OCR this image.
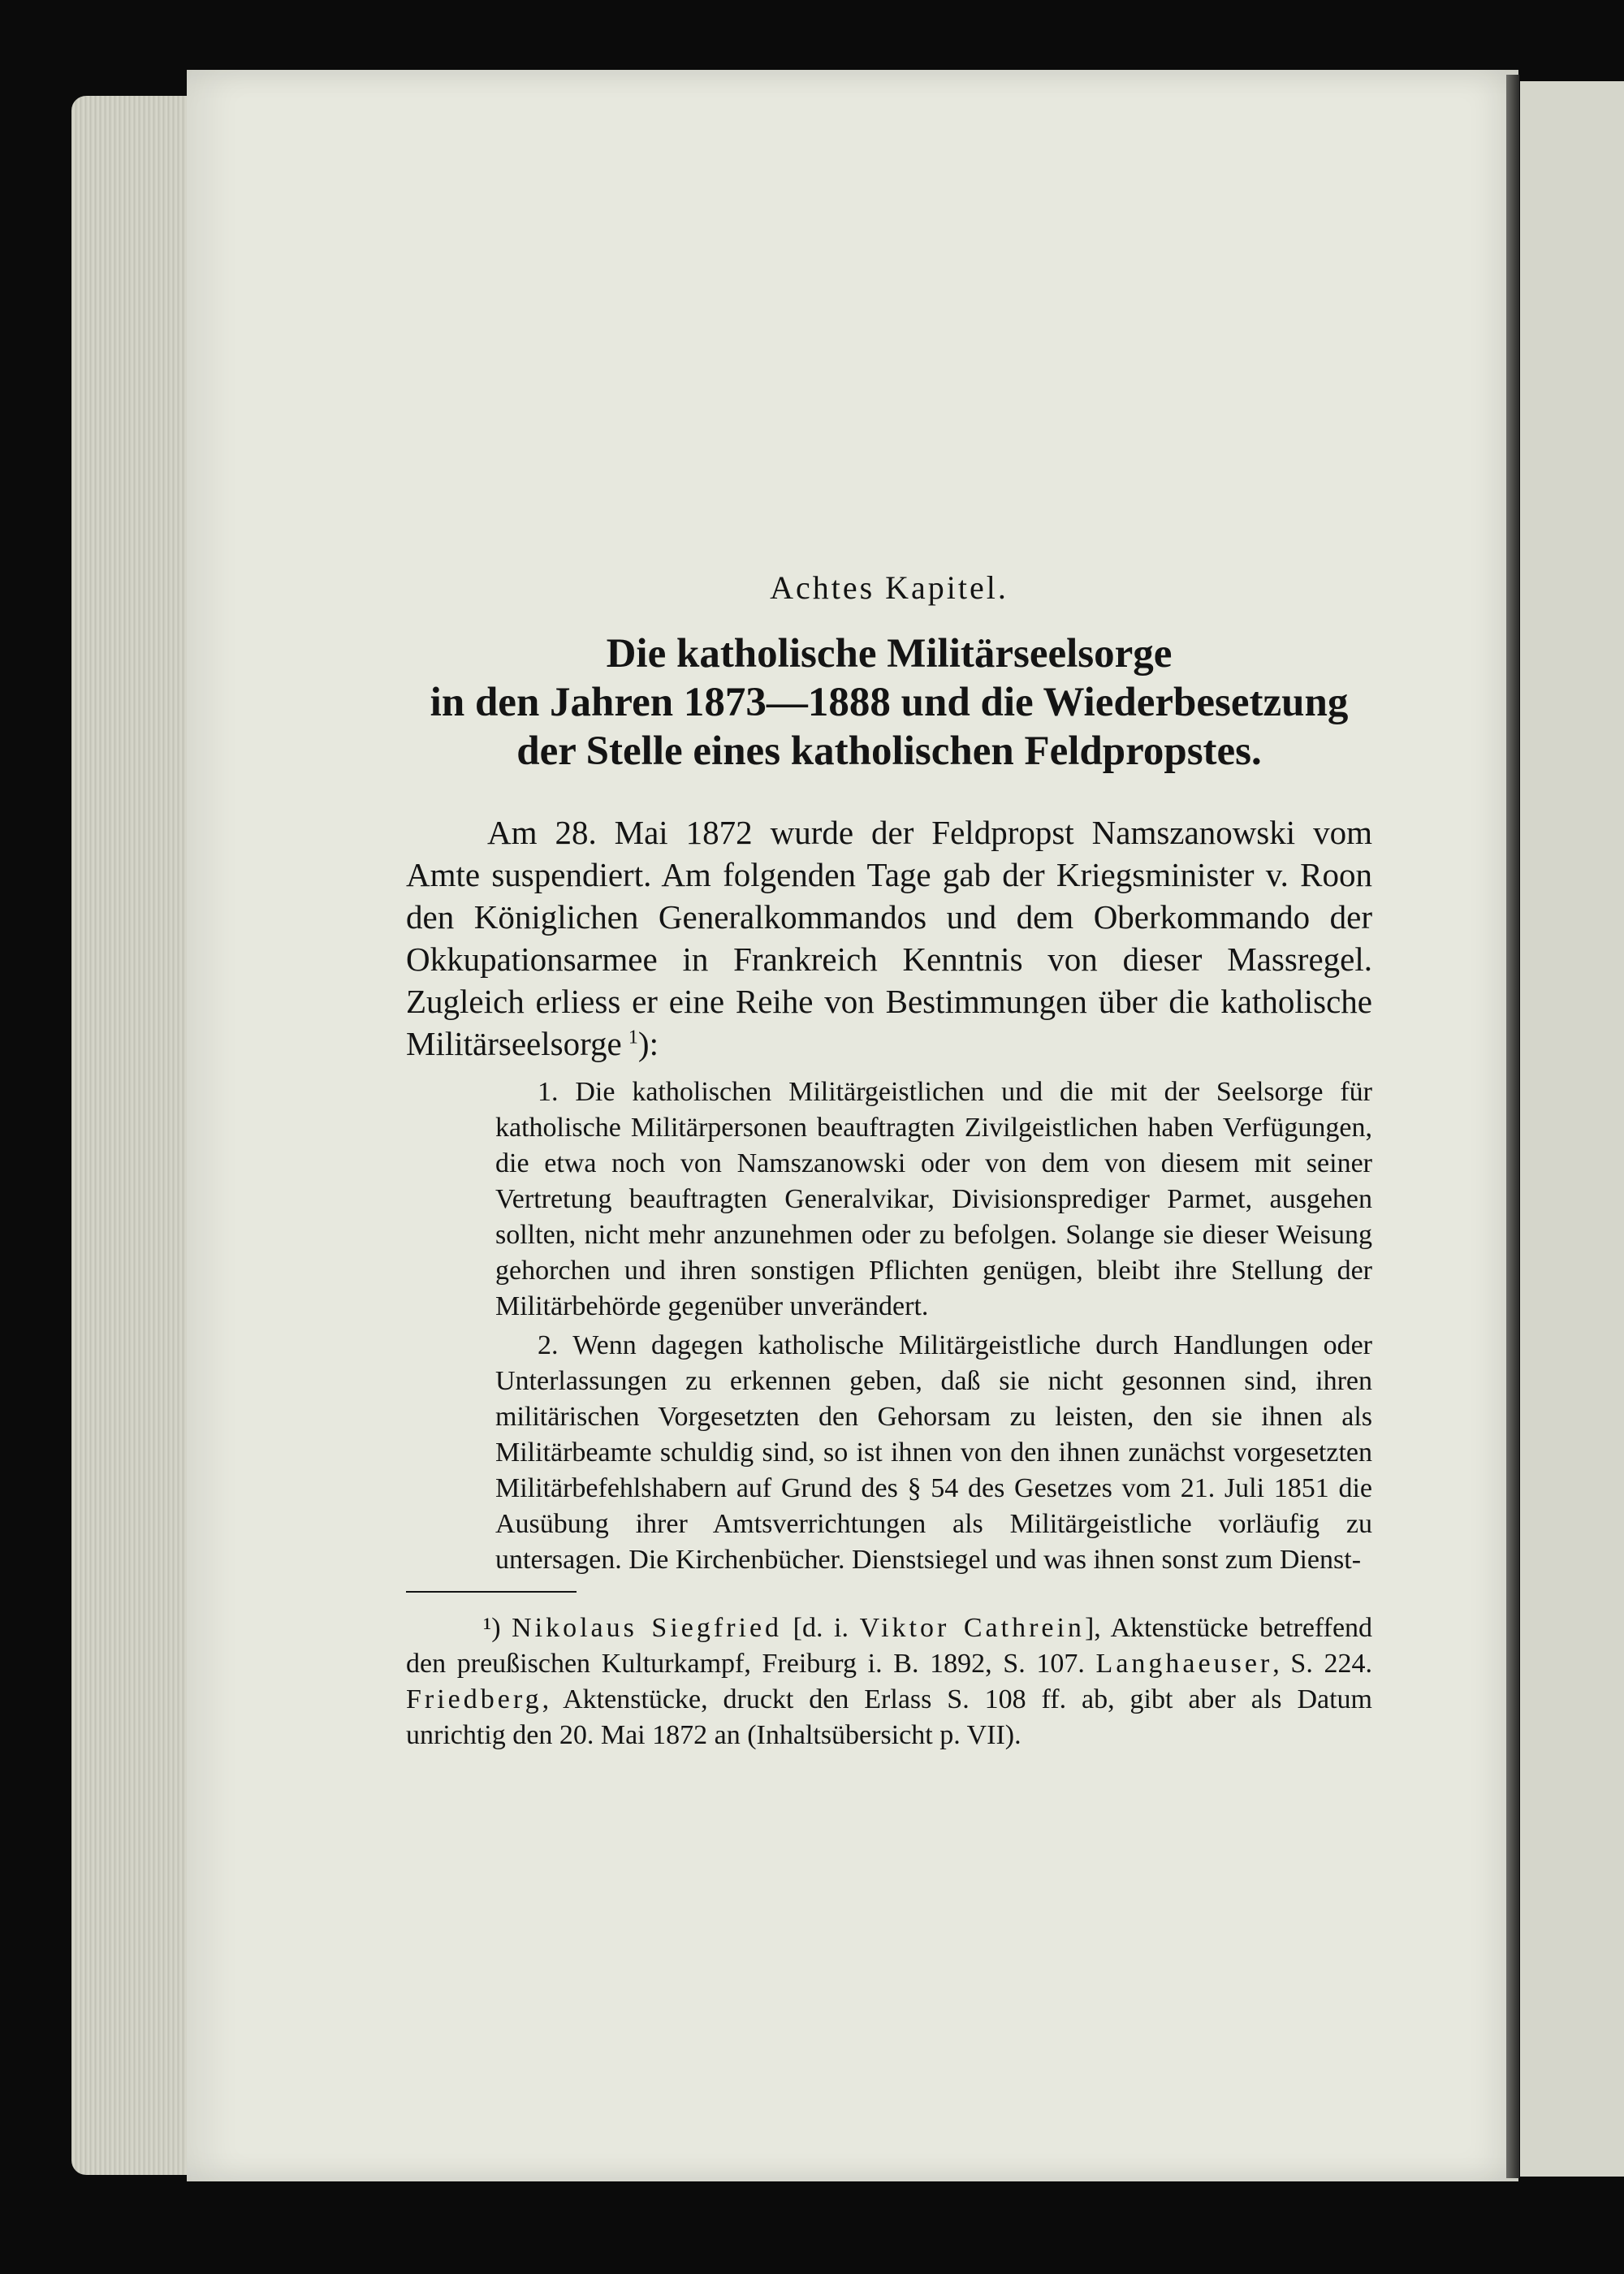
Achtes Kapitel.
Die katholische Militärseelsorge
in den Jahren 1873—1888 und die Wiederbesetzung
der Stelle eines katholischen Feldpropstes.

Am 28. Mai 1872 wurde der Feldpropst Namszanowski vom Amte suspendiert. Am folgenden Tage gab der Kriegsminister v. Roon den Königlichen Generalkommandos und dem Oberkommando der Okkupationsarmee in Frankreich Kenntnis von dieser Massregel. Zugleich erliess er eine Reihe von Bestimmungen über die katholische Militärseelsorge  $^1$):

1. Die katholischen Militärgeistlichen und die mit der Seelsorge für katholische Militärpersonen beauftragten Zivilgeistlichen haben Verfügungen, die etwa noch von Namszanowski oder von dem von diesem mit seiner Vertretung beauftragten Generalvikar, Divisionsprediger Parmet, ausgehen sollten, nicht mehr anzunehmen oder zu befolgen. Solange sie dieser Weisung gehorchen und ihren sonstigen Pflichten genügen, bleibt ihre Stellung der Militärbehörde gegenüber unverändert.

2. Wenn dagegen katholische Militärgeistliche durch Handlungen oder Unterlassungen zu erkennen geben, daß sie nicht gesonnen sind, ihren militärischen Vorgesetzten den Gehorsam zu leisten, den sie ihnen als Militärbeamte schuldig sind, so ist ihnen von den ihnen zunächst vorgesetzten Militärbefehlshabern auf Grund des § 54 des Gesetzes vom 21. Juli 1851 die Ausübung ihrer Amtsverrichtungen als Militärgeistliche vorläufig zu untersagen. Die Kirchenbücher. Dienstsiegel und was ihnen sonst zum Dienst-

¹) Nikolaus Siegfried [d. i. Viktor Cathrein], Aktenstücke betreffend den preußischen Kulturkampf, Freiburg i. B. 1892, S. 107. Langhaeuser, S. 224. Friedberg, Aktenstücke, druckt den Erlass S. 108 ff. ab, gibt aber als Datum unrichtig den 20. Mai 1872 an (Inhaltsübersicht p. VII).
